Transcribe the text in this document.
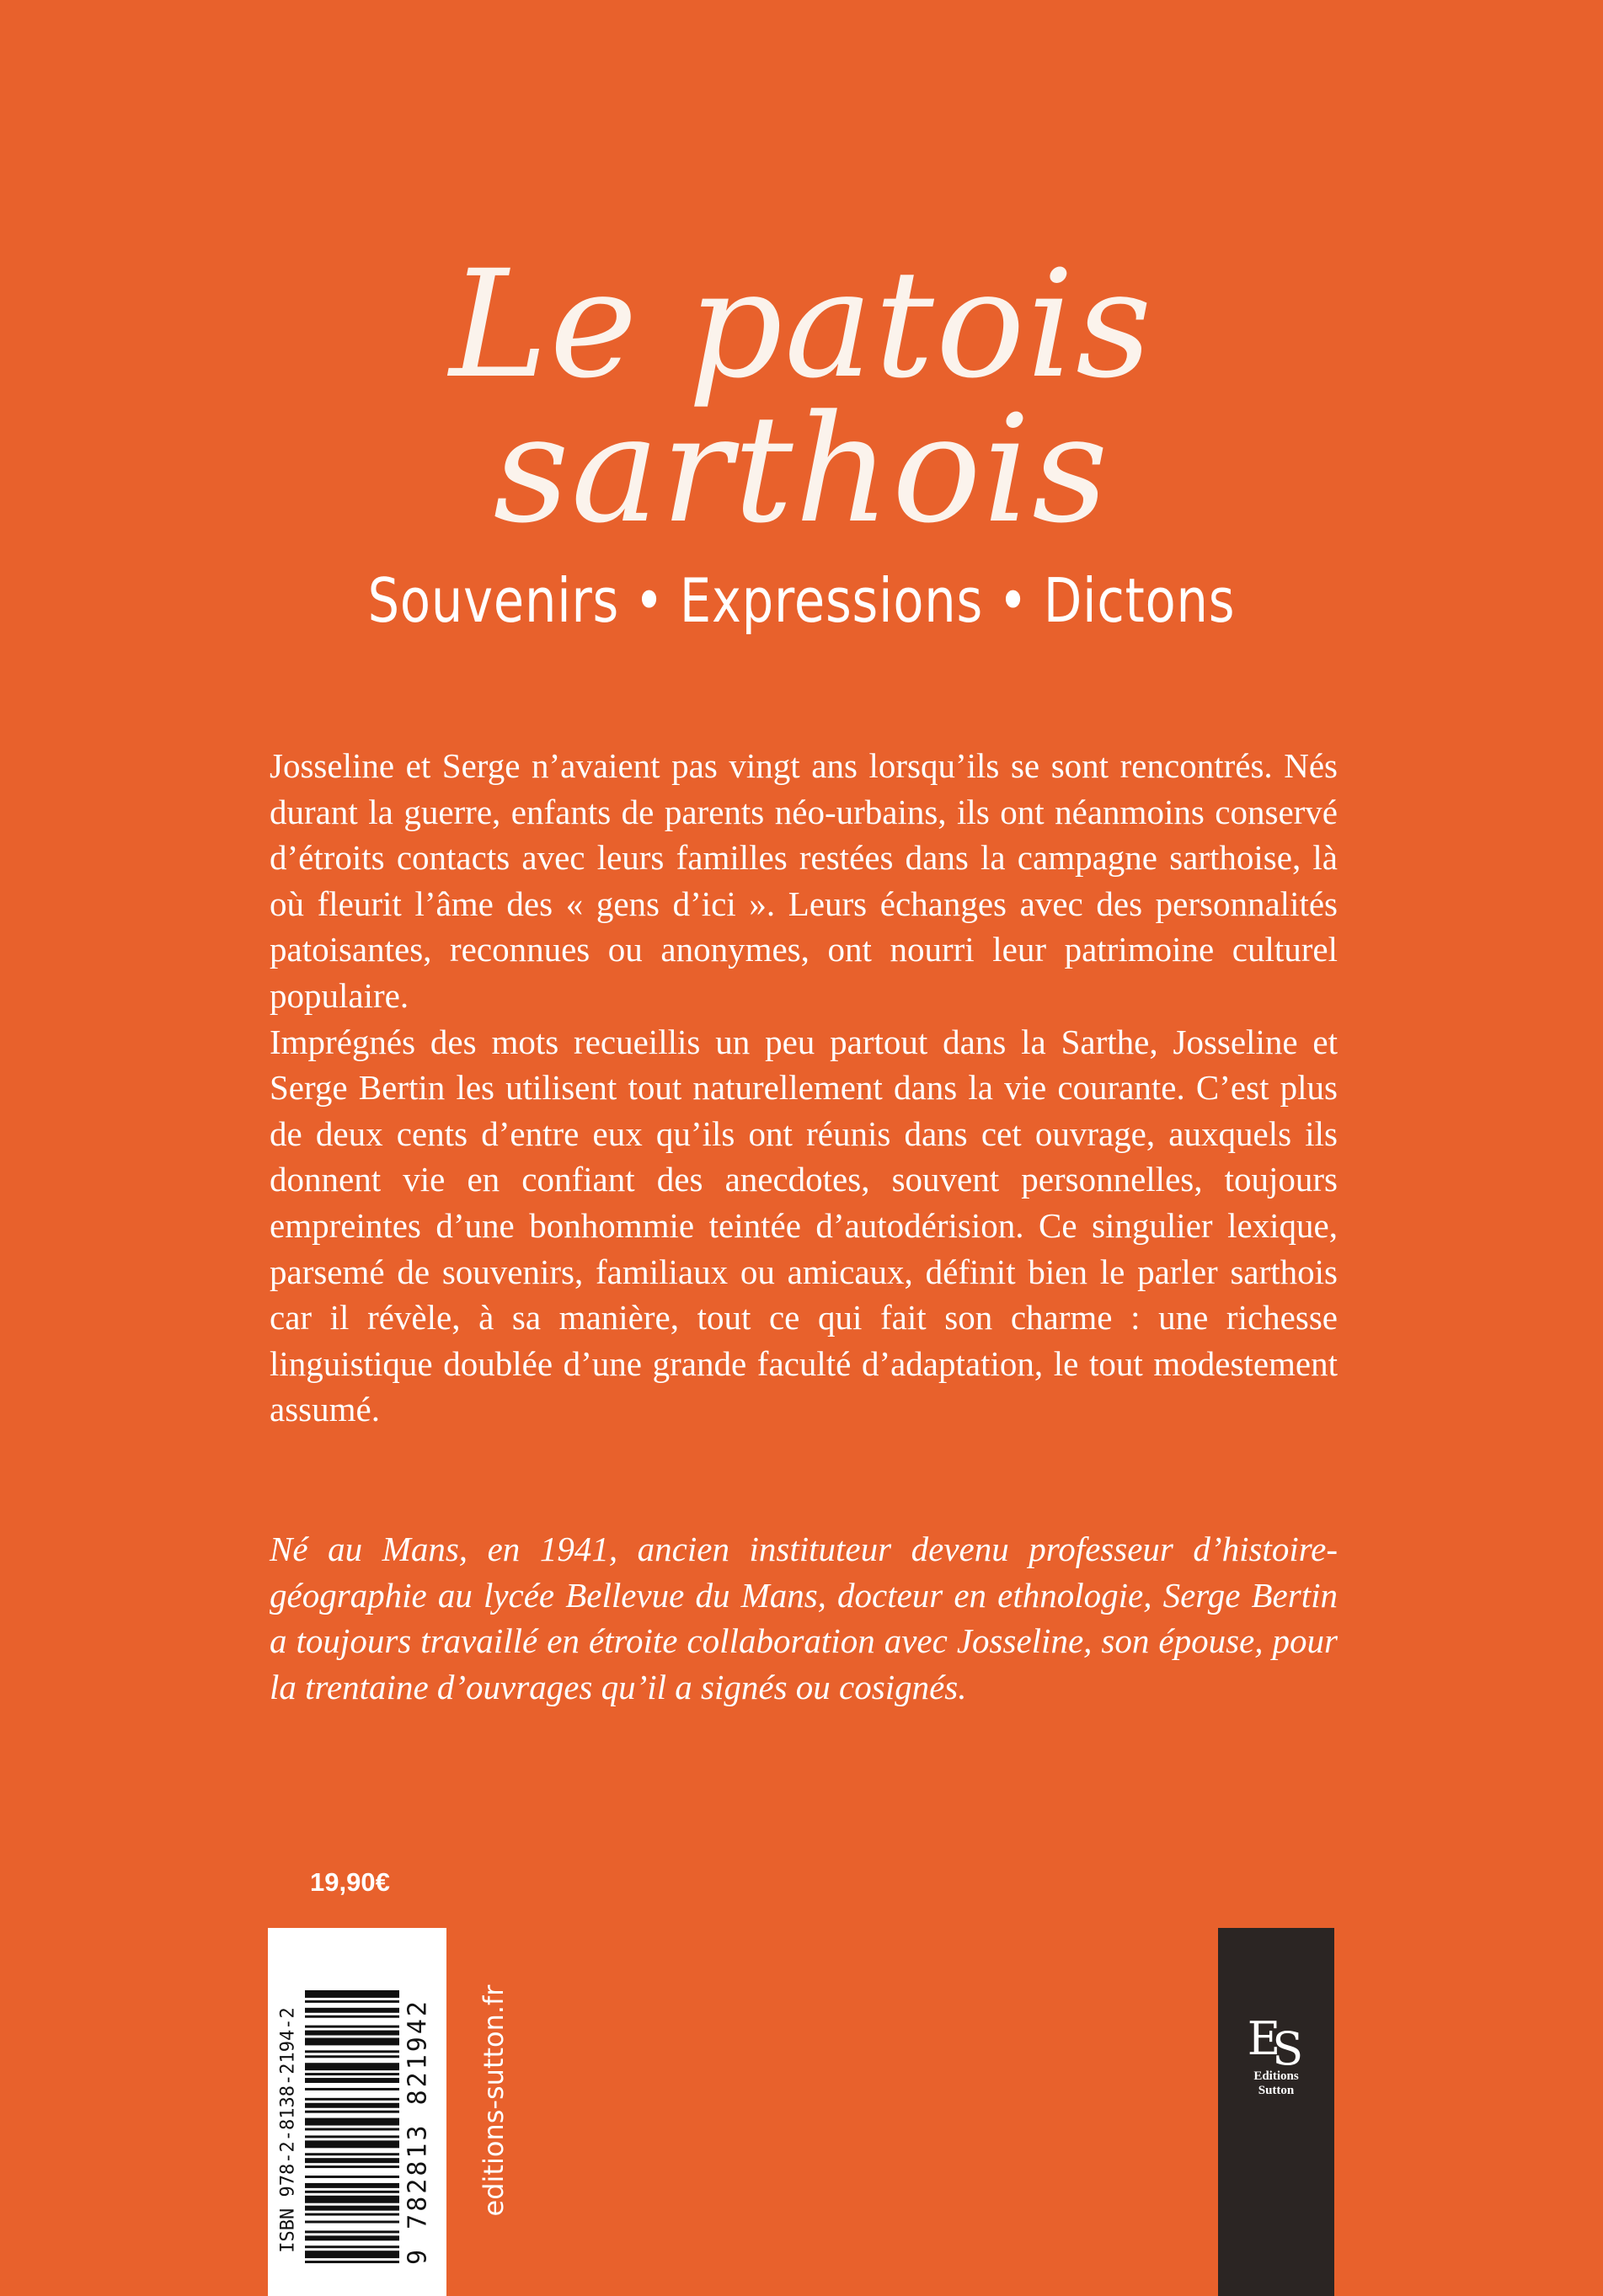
Le patois
sarthois
Souvenirs • Expressions • Dictons

Josseline et Serge n’avaient pas vingt ans lorsqu’ils se sont rencontrés. Nés durant la guerre, enfants de parents néo-urbains, ils ont néanmoins conservé d’étroits contacts avec leurs familles restées dans la campagne sarthoise, là où fleurit l’âme des « gens d’ici ». Leurs échanges avec des personnalités patoisantes, reconnues ou anonymes, ont nourri leur patrimoine culturel populaire.

Imprégnés des mots recueillis un peu partout dans la Sarthe, Josseline et Serge Bertin les utilisent tout naturellement dans la vie courante. C’est plus de deux cents d’entre eux qu’ils ont réunis dans cet ouvrage, auxquels ils donnent vie en confiant des anecdotes, souvent personnelles, toujours empreintes d’une bonhommie teintée d’autodérision. Ce singulier lexique, parsemé de souvenirs, familiaux ou amicaux, définit bien le parler sarthois car il révèle, à sa manière, tout ce qui fait son charme : une richesse linguistique doublée d’une grande faculté d’adaptation, le tout modestement assumé.

Né au Mans, en 1941, ancien instituteur devenu professeur d’histoire-géographie au lycée Bellevue du Mans, docteur en ethnologie, Serge Bertin a toujours travaillé en étroite collaboration avec Josseline, son épouse, pour la trentaine d’ouvrages qu’il a signés ou cosignés.

19,90€
ISBN 978-2-8138-2194-2	9 782813 821942 editions-sutton.fr	ES
Editions
Sutton
